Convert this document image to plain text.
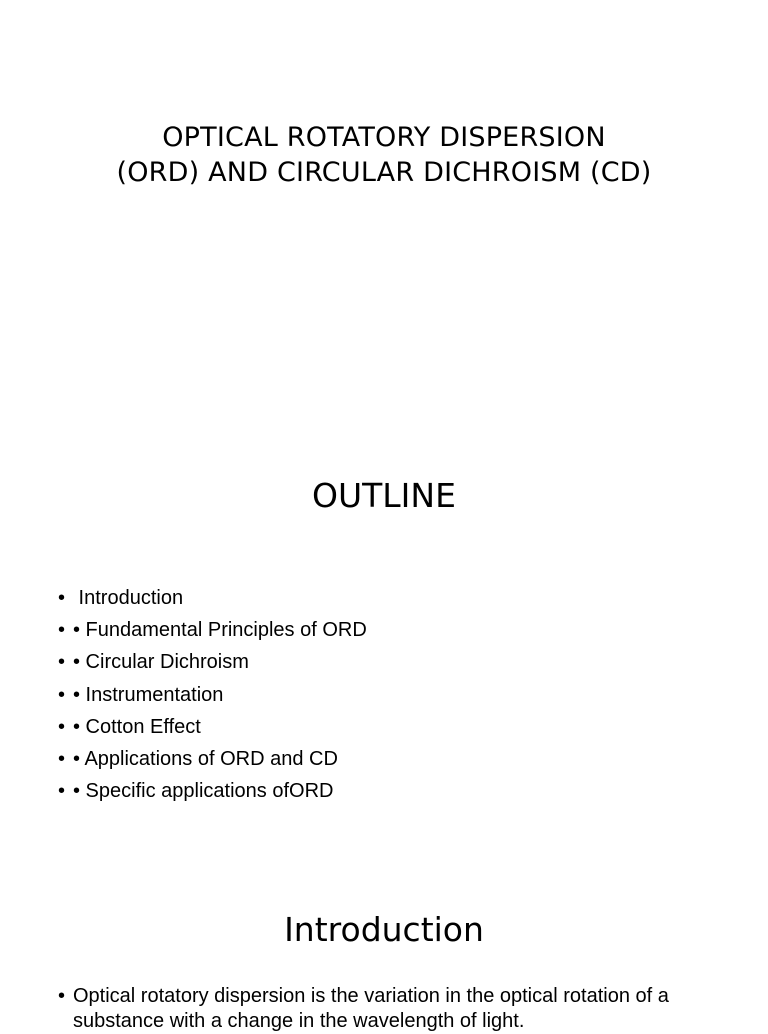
OPTICAL ROTATORY DISPERSION
(ORD) AND CIRCULAR DICHROISM (CD)
OUTLINE
• Introduction
• • Fundamental Principles of ORD
• • Circular Dichroism
• • Instrumentation
• • Cotton Effect
• • Applications of ORD and CD
• • Specific applications ofORD
Introduction
• Optical rotatory dispersion is the variation in the optical rotation of a substance with a change in the wavelength of light.
